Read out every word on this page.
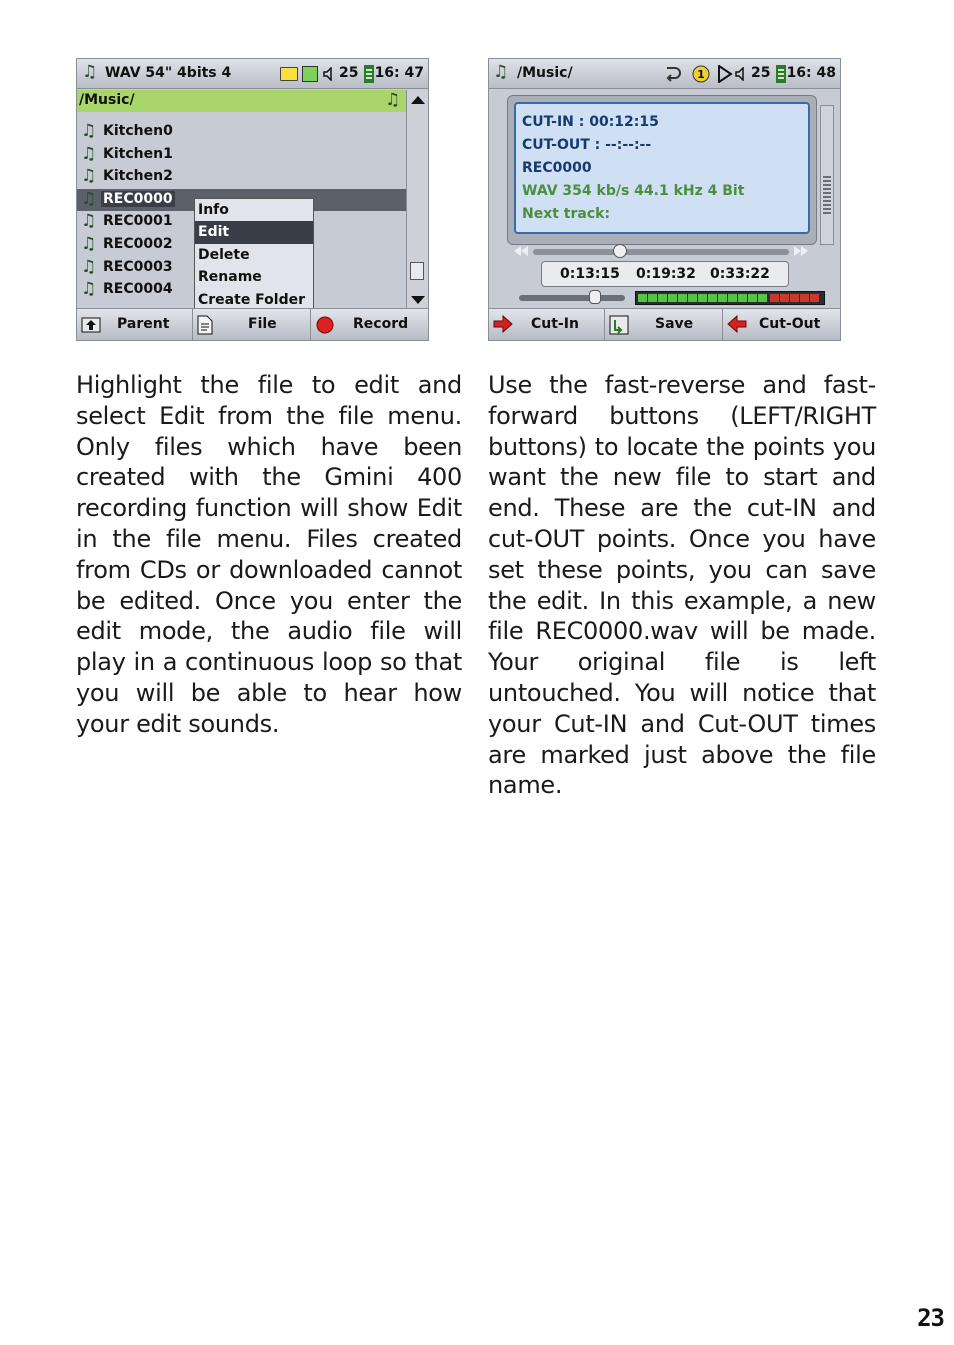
♫ WAV 54" 4bits 4	25 16: 47
/Music/	♫
♫ Kitchen0
♫ Kitchen1
♫ Kitchen2
♫ REC0000
♫ REC0001
♫ REC0002
♫ REC0003
♫ REC0004
Info
Edit
Delete
Rename
Create Folder
Parent	File	Record
♫ /Music/	1	25 16: 48
CUT-IN : 00:12:15
CUT-OUT : --:--:--
REC0000
WAV 354 kb/s 44.1 kHz 4 Bit
Next track:
0:13:15 0:19:32 0:33:22
Cut-In	Save	Cut-Out

Highlight the file to edit and select Edit from the file menu. Only files which have been created with the Gmini 400 recording function will show Edit in the file menu. Files created from CDs or downloaded cannot be edited. Once you enter the edit mode, the audio file will play in a continuous loop so that you will be able to hear how your edit sounds.

Use the fast-reverse and fast-forward buttons (LEFT/RIGHT buttons) to locate the points you want the new file to start and end. These are the cut-IN and cut-OUT points. Once you have set these points, you can save the edit. In this example, a new file REC0000.wav will be made. Your original file is left untouched. You will notice that your Cut-IN and Cut-OUT times are marked just above the file name.

23
